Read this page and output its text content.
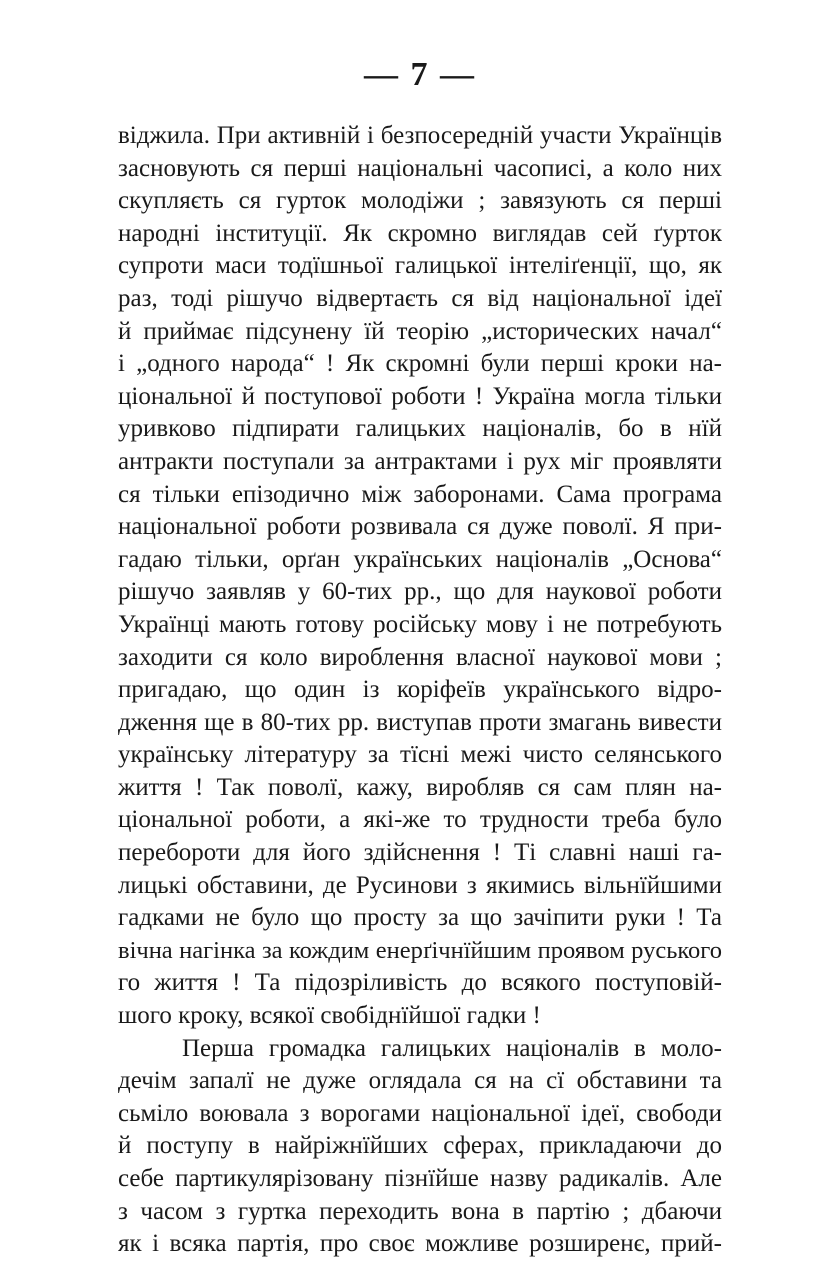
— 7 —
віджила. При активній і безпосередній участи Українців
засновують ся перші національні часописі, а коло них
скупляєть ся гурток молодіжи ; завязують ся перші
народні інституції. Як скромно виглядав сей ґурток
супроти маси тодїшньої галицької інтеліґенції, що, як
раз, тоді рішучо відвертаєть ся від національної ідеї
й приймає підсунену їй теорію „исторических начал“
і „одного народа“ ! Як скромні були перші кроки на-
ціональної й поступової роботи ! Україна могла тільки
уривково підпирати галицьких націоналів, бо в нїй
антракти поступали за антрактами і рух міг проявляти
ся тільки епізодично між заборонами. Сама програма
національної роботи розвивала ся дуже поволї. Я при-
гадаю тільки, орґан українських націоналів „Основа“
рішучо заявляв у 60-тих рр., що для наукової роботи
Українці мають готову російську мову і не потребують
заходити ся коло вироблення власної наукової мови ;
пригадаю, що один із коріфеїв українського відро-
дження ще в 80-тих рр. виступав проти змагань вивести
українську літературу за тїсні межі чисто селянського
життя ! Так поволї, кажу, виробляв ся сам плян на-
ціональної роботи, а які-же то трудности треба було
перебороти для його здійснення ! Ті славні наші га-
лицькі обставини, де Русинови з якимись вільнїйшими
гадками не було що просту за що зачіпити руки ! Та
вічна нагінка за кождим енерґічнїйшим проявом руського
го життя ! Та підозріливість до всякого поступовій-
шого кроку, всякої свобіднїйшої гадки !
Перша громадка галицьких націоналів в моло-
дечім запалї не дуже оглядала ся на сї обставини та
сьміло воювала з ворогами національної ідеї, свободи
й поступу в найріжнїйших сферах, прикладаючи до
себе партикулярізовану пізнїйше назву радикалів. Але
з часом з гуртка переходить вона в партію ; дбаючи
як і всяка партія, про своє можливе розширенє, прий-
